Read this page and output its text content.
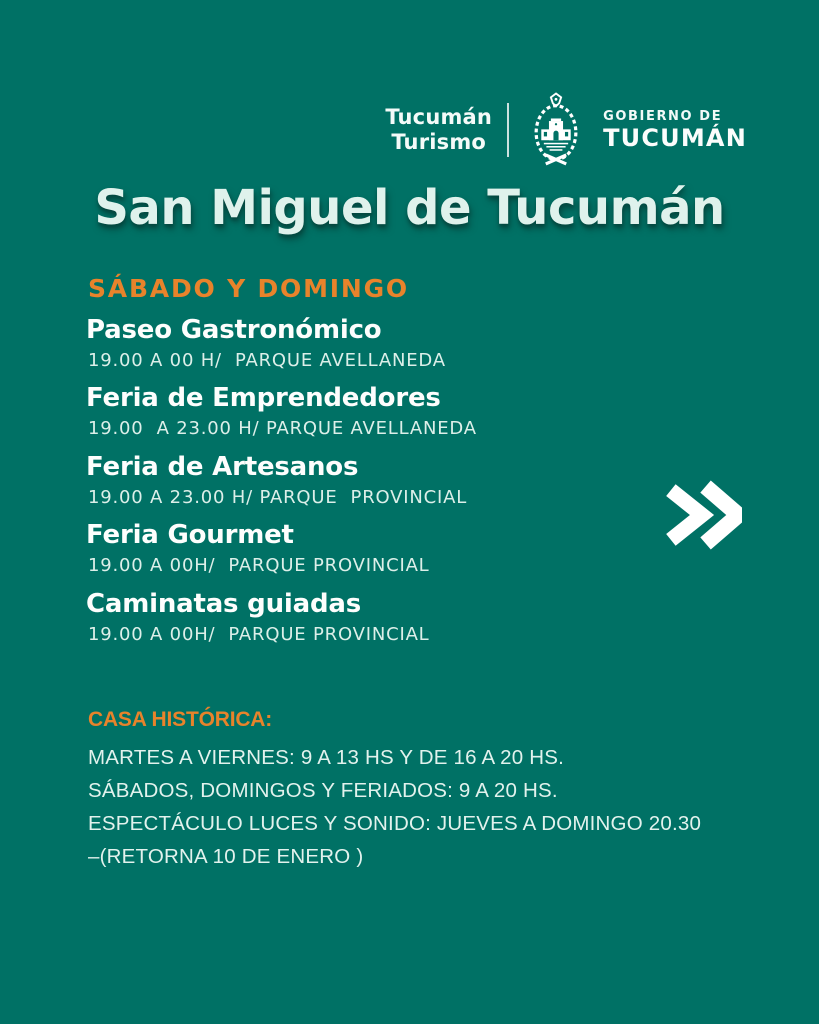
Tucumán
Turismo
GOBIERNO DE
TUCUMÁN
San Miguel de Tucumán
SÁBADO Y DOMINGO
Paseo Gastronómico

19.00 A 00 H/  PARQUE AVELLANEDA

Feria de Emprendedores

19.00  A 23.00 H/ PARQUE AVELLANEDA

Feria de Artesanos

19.00 A 23.00 H/ PARQUE  PROVINCIAL

Feria Gourmet

19.00 A 00H/  PARQUE PROVINCIAL

Caminatas guiadas

19.00 A 00H/  PARQUE PROVINCIAL

CASA HISTÓRICA:

MARTES A VIERNES: 9 A 13 HS Y DE 16 A 20 HS.

SÁBADOS, DOMINGOS Y FERIADOS: 9 A 20 HS.

ESPECTÁCULO LUCES Y SONIDO: JUEVES A DOMINGO 20.30

–(RETORNA 10 DE ENERO )
